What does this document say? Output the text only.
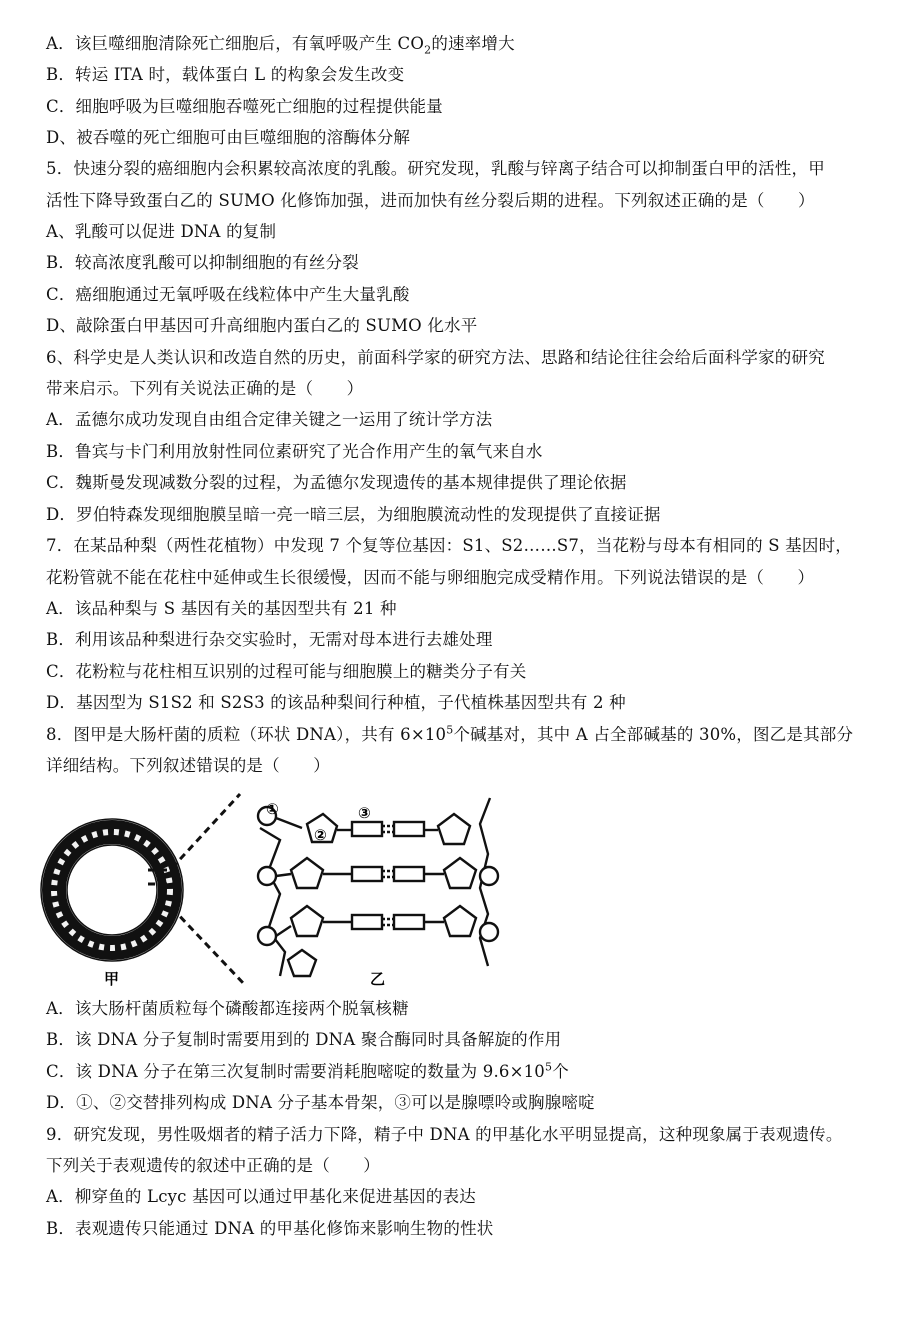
A．该巨噬细胞清除死亡细胞后，有氧呼吸产生 $CO_2$的速率增大
B．转运 ITA 时，载体蛋白 L 的构象会发生改变
C．细胞呼吸为巨噬细胞吞噬死亡细胞的过程提供能量
D、被吞噬的死亡细胞可由巨噬细胞的溶酶体分解
5．快速分裂的癌细胞内会积累较高浓度的乳酸。研究发现，乳酸与锌离子结合可以抑制蛋白甲的活性，甲
活性下降导致蛋白乙的 SUMO 化修饰加强，进而加快有丝分裂后期的进程。下列叙述正确的是（　　）
A、乳酸可以促进 DNA 的复制
B．较高浓度乳酸可以抑制细胞的有丝分裂
C．癌细胞通过无氧呼吸在线粒体中产生大量乳酸
D、敲除蛋白甲基因可升高细胞内蛋白乙的 SUMO 化水平
6、科学史是人类认识和改造自然的历史，前面科学家的研究方法、思路和结论往往会给后面科学家的研究
带来启示。下列有关说法正确的是（　　）
A．孟德尔成功发现自由组合定律关键之一运用了统计学方法
B．鲁宾与卡门利用放射性同位素研究了光合作用产生的氧气来自水
C．魏斯曼发现减数分裂的过程，为孟德尔发现遗传的基本规律提供了理论依据
D．罗伯特森发现细胞膜呈暗一亮一暗三层，为细胞膜流动性的发现提供了直接证据
7．在某品种梨（两性花植物）中发现 7 个复等位基因：S1、S2……S7，当花粉与母本有相同的 S 基因时，
花粉管就不能在花柱中延伸或生长很缓慢，因而不能与卵细胞完成受精作用。下列说法错误的是（　　）
A．该品种梨与 S 基因有关的基因型共有 21 种
B．利用该品种梨进行杂交实验时，无需对母本进行去雄处理
C．花粉粒与花柱相互识别的过程可能与细胞膜上的糖类分子有关
D．基因型为 S1S2 和 S2S3 的该品种梨间行种植，子代植株基因型共有 2 种
8．图甲是大肠杆菌的质粒（环状 DNA），共有 $6\times 10^5$个碱基对，其中 A 占全部碱基的 30%，图乙是其部分
详细结构。下列叙述错误的是（　　）
①
②
③
甲	乙
A．该大肠杆菌质粒每个磷酸都连接两个脱氧核糖
B．该 DNA 分子复制时需要用到的 DNA 聚合酶同时具备解旋的作用
C．该 DNA 分子在第三次复制时需要消耗胞嘧啶的数量为 $9.6\times 10^5$个
D．①、②交替排列构成 DNA 分子基本骨架，③可以是腺嘌呤或胸腺嘧啶
9．研究发现，男性吸烟者的精子活力下降，精子中 DNA 的甲基化水平明显提高，这种现象属于表观遗传。
下列关于表观遗传的叙述中正确的是（　　）
A．柳穿鱼的 Lcyc 基因可以通过甲基化来促进基因的表达
B．表观遗传只能通过 DNA 的甲基化修饰来影响生物的性状
